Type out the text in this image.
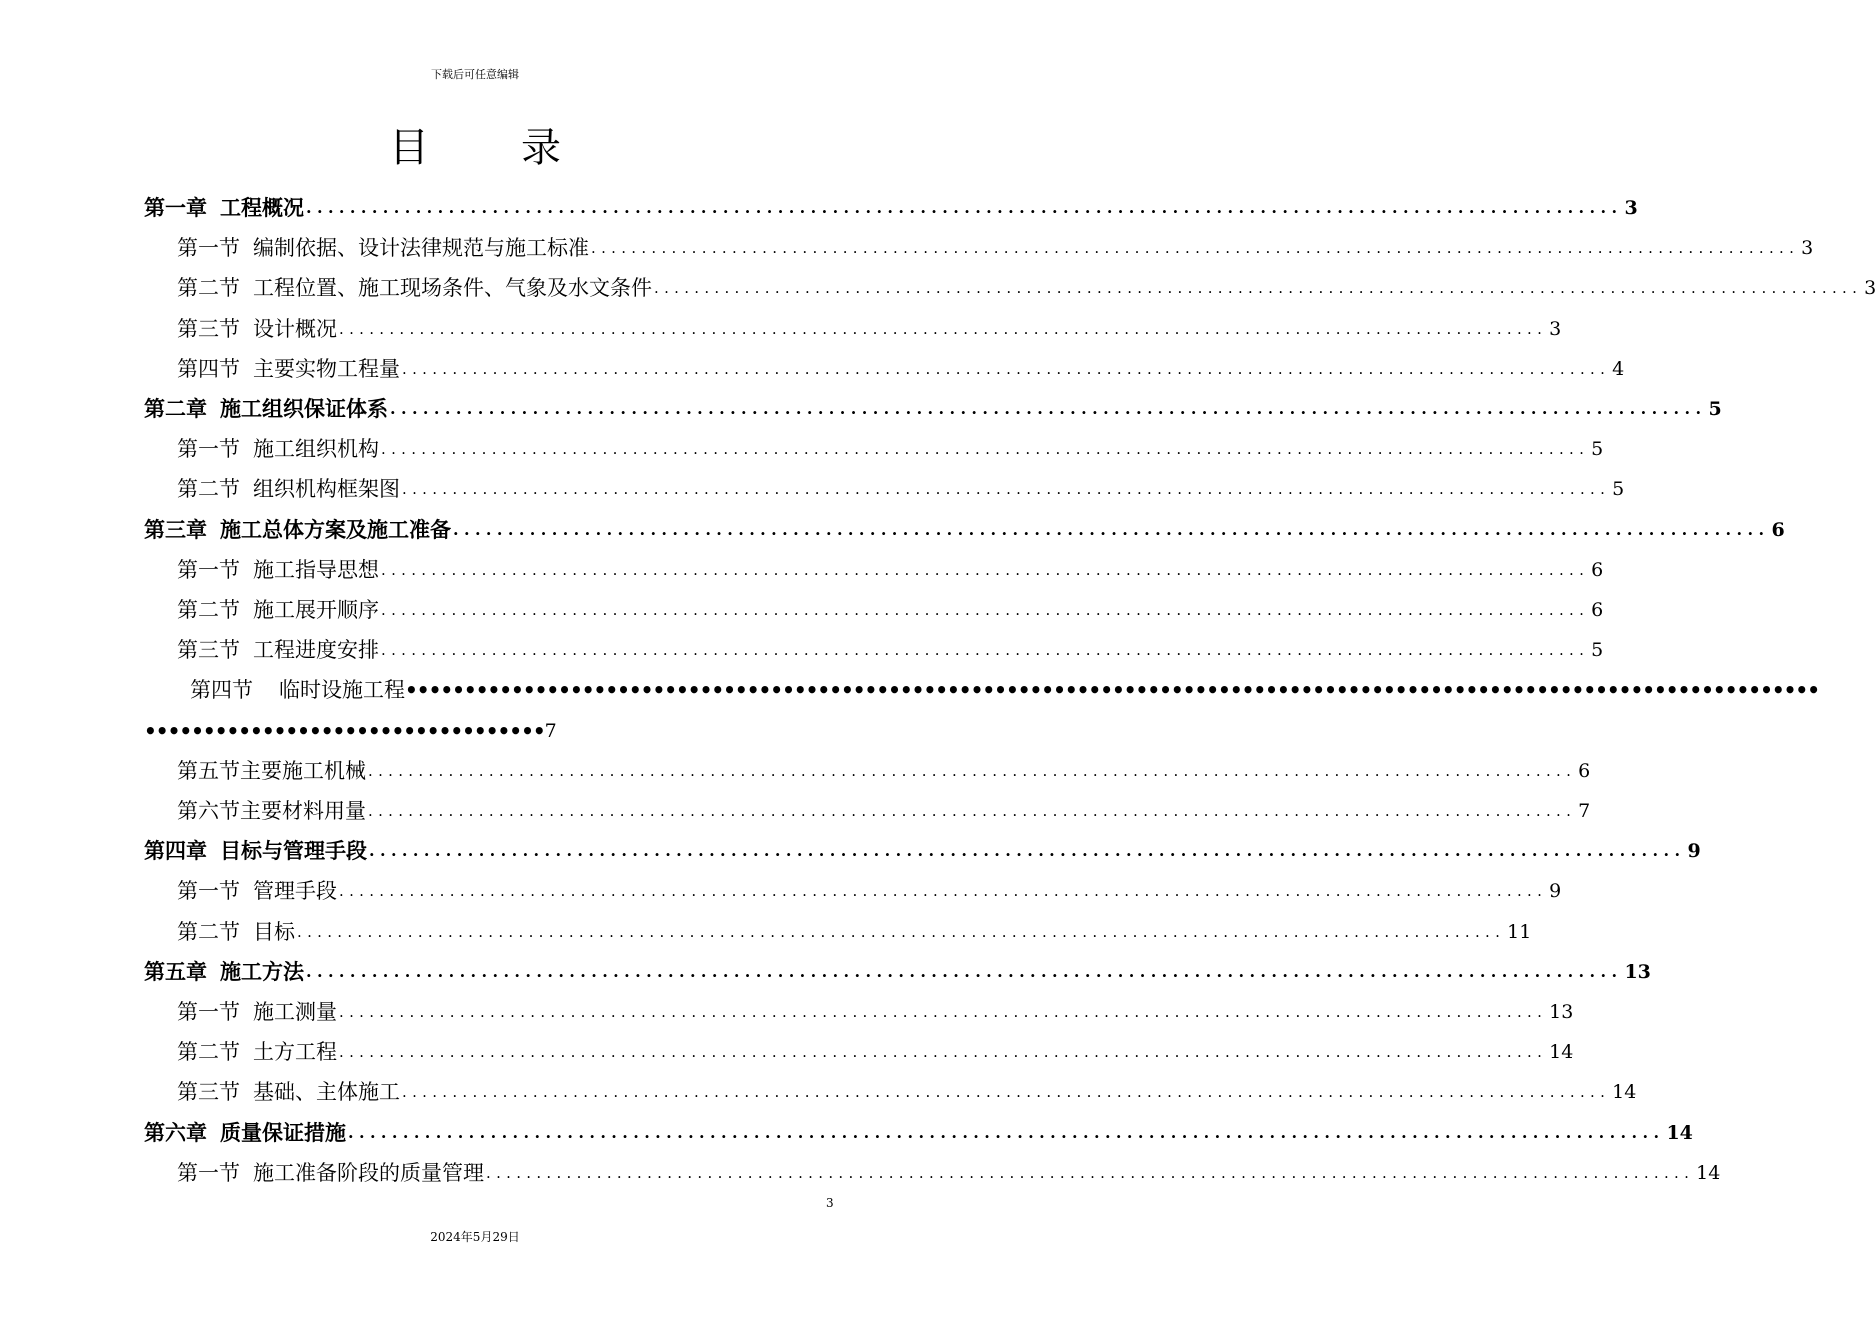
下载后可任意编辑
目 录
第一章 工程概况 ........................................................................................................................ 3
第一节 编制依据、设计法律规范与施工标准 ........................................................................................................................ 3
第二节 工程位置、施工现场条件、气象及水文条件 ........................................................................................................................ 3
第三节 设计概况 ........................................................................................................................ 3
第四节 主要实物工程量 ........................................................................................................................ 4
第二章 施工组织保证体系 ........................................................................................................................ 5
第一节 施工组织机构 ........................................................................................................................ 5
第二节 组织机构框架图 ........................................................................................................................ 5
第三章 施工总体方案及施工准备 ........................................................................................................................ 6
第一节 施工指导思想 ........................................................................................................................ 6
第二节 施工展开顺序 ........................................................................................................................ 6
第三节 工程进度安排 ........................................................................................................................ 5
第四节 临时设施工程 ••••••••••••••••••••••••••••••••••••••••••••••••••••••••••••••••••••••••••••••••••••••••••••••••••••••••••••••••••••••••
•••••••••••••••••••••••••••••••••• 7
第五节主要施工机械 ........................................................................................................................ 6
第六节主要材料用量 ........................................................................................................................ 7
第四章 目标与管理手段 ........................................................................................................................ 9
第一节 管理手段 ........................................................................................................................ 9
第二节 目标 ........................................................................................................................ 11
第五章 施工方法 ........................................................................................................................ 13
第一节 施工测量 ........................................................................................................................ 13
第二节 土方工程 ........................................................................................................................ 14
第三节 基础、主体施工 ........................................................................................................................ 14
第六章 质量保证措施 ........................................................................................................................ 14
第一节 施工准备阶段的质量管理 ........................................................................................................................ 14
3
2024年5月29日
